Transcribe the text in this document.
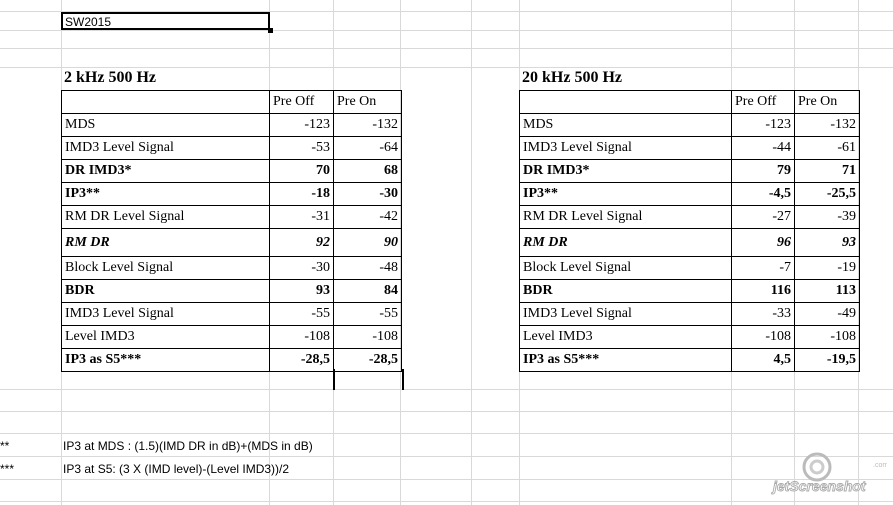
SW2015
2 kHz 500 Hz	20 kHz 500 Hz
	Pre Off	Pre On
MDS	-123	-132
IMD3 Level Signal	-53	-64
DR IMD3*	70	68
IP3**	-18	-30
RM DR Level Signal	-31	-42
RM DR	92	90
Block Level Signal	-30	-48
BDR	93	84
IMD3 Level Signal	-55	-55
Level IMD3	-108	-108
IP3 as S5***	-28,5	-28,5
	Pre Off	Pre On
MDS	-123	-132
IMD3 Level Signal	-44	-61
DR IMD3*	79	71
IP3**	-4,5	-25,5
RM DR Level Signal	-27	-39
RM DR	96	93
Block Level Signal	-7	-19
BDR	116	113
IMD3 Level Signal	-33	-49
Level IMD3	-108	-108
IP3 as S5***	4,5	-19,5
**	IP3 at MDS : (1.5)(IMD DR in dB)+(MDS in dB)
***	IP3 at S5: (3 X (IMD level)-(Level IMD3))/2	.com
jetScreenshot
